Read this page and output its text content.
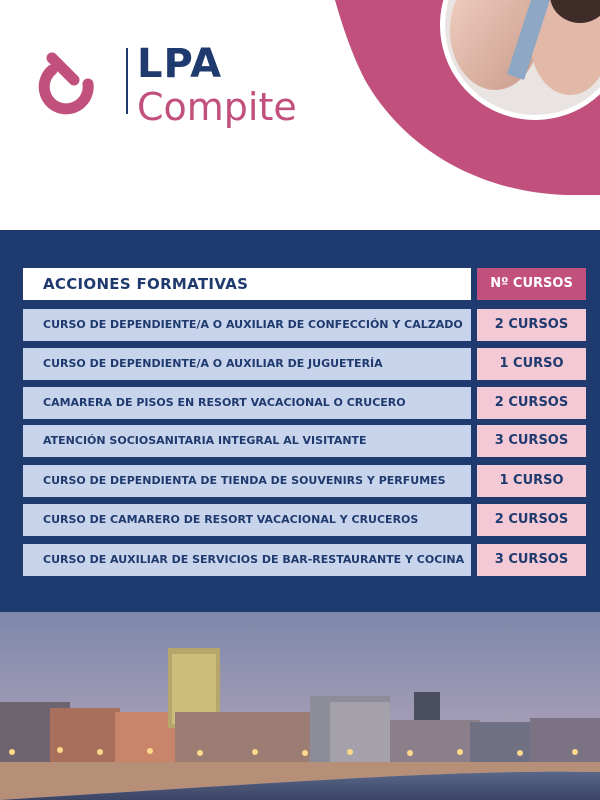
LPA
Compite
ACCIONES FORMATIVAS	Nº CURSOS
CURSO DE DEPENDIENTE/A O AUXILIAR DE CONFECCIÓN Y CALZADO	2 CURSOS
CURSO DE DEPENDIENTE/A O AUXILIAR DE JUGUETERÍA	1 CURSO
CAMARERA DE PISOS EN RESORT VACACIONAL O CRUCERO	2 CURSOS
ATENCIÓN SOCIOSANITARIA INTEGRAL AL VISITANTE	3 CURSOS
CURSO DE DEPENDIENTA DE TIENDA DE SOUVENIRS Y PERFUMES	1 CURSO
CURSO DE CAMARERO DE RESORT VACACIONAL Y CRUCEROS	2 CURSOS
CURSO DE AUXILIAR DE SERVICIOS DE BAR-RESTAURANTE Y COCINA	3 CURSOS
